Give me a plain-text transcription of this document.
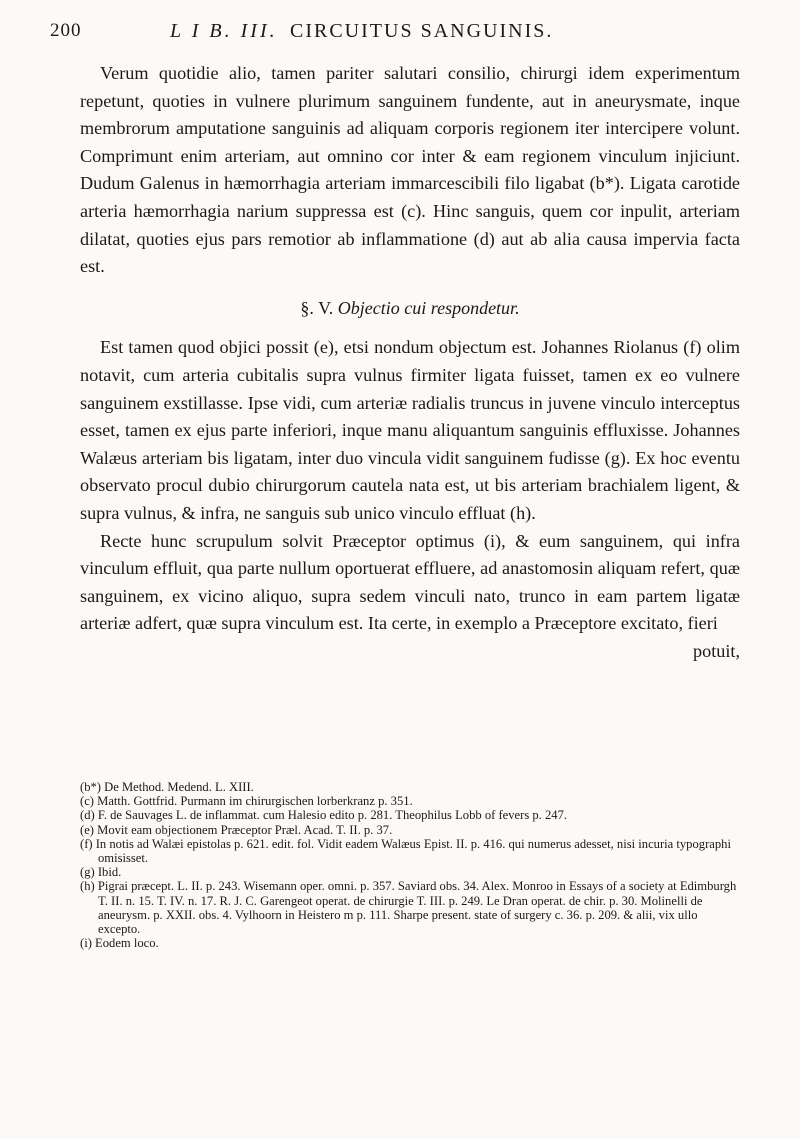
200	L I B. III. CIRCUITUS SANGUINIS.

Verum quotidie alio, tamen pariter salutari consilio, chirurgi idem experimentum repetunt, quoties in vulnere plurimum sanguinem fundente, aut in aneurysmate, inque membrorum amputatione sanguinis ad aliquam corporis regionem iter intercipere volunt. Comprimunt enim arteriam, aut omnino cor inter & eam regionem vinculum injiciunt. Dudum Galenus in hæmorrhagia arteriam immarcescibili filo ligabat (b*). Ligata carotide arteria hæmorrhagia narium suppressa est (c). Hinc sanguis, quem cor inpulit, arteriam dilatat, quoties ejus pars remotior ab inflammatione (d) aut ab alia causa impervia facta est.

§. V. Objectio cui respondetur.

Est tamen quod objici possit (e), etsi nondum objectum est. Johannes Riolanus (f) olim notavit, cum arteria cubitalis supra vulnus firmiter ligata fuisset, tamen ex eo vulnere sanguinem exstillasse. Ipse vidi, cum arteriæ radialis truncus in juvene vinculo interceptus esset, tamen ex ejus parte inferiori, inque manu aliquantum sanguinis effluxisse. Johannes Walæus arteriam bis ligatam, inter duo vincula vidit sanguinem fudisse (g). Ex hoc eventu observato procul dubio chirurgorum cautela nata est, ut bis arteriam brachialem ligent, & supra vulnus, & infra, ne sanguis sub unico vinculo effluat (h).

Recte hunc scrupulum solvit Præceptor optimus (i), & eum sanguinem, qui infra vinculum effluit, qua parte nullum oportuerat effluere, ad anastomosin aliquam refert, quæ sanguinem, ex vicino aliquo, supra sedem vinculi nato, trunco in eam partem ligatæ arteriæ adfert, quæ supra vinculum est. Ita certe, in exemplo a Præceptore excitato, fieri

potuit,
(b*) De Method. Medend. L. XIII.
(c) Matth. Gottfrid. Purmann im chirurgischen lorberkranz p. 351.
(d) F. de Sauvages L. de inflammat. cum Halesio edito p. 281. Theophilus Lobb of fevers p. 247.
(e) Movit eam objectionem Præceptor Præl. Acad. T. II. p. 37.
(f) In notis ad Walæi epistolas p. 621. edit. fol. Vidit eadem Walæus Epist. II. p. 416. qui numerus adesset, nisi incuria typographi omisisset.
(g) Ibid.
(h) Pigrai præcept. L. II. p. 243. Wisemann oper. omni. p. 357. Saviard obs. 34. Alex. Monroo in Essays of a society at Edimburgh T. II. n. 15. T. IV. n. 17. R. J. C. Garengeot operat. de chirurgie T. III. p. 249. Le Dran operat. de chir. p. 30. Molinelli de aneurysm. p. XXII. obs. 4. Vylhoorn in Heistero m p. 111. Sharpe present. state of surgery c. 36. p. 209. & alii, vix ullo excepto.
(i) Eodem loco.
